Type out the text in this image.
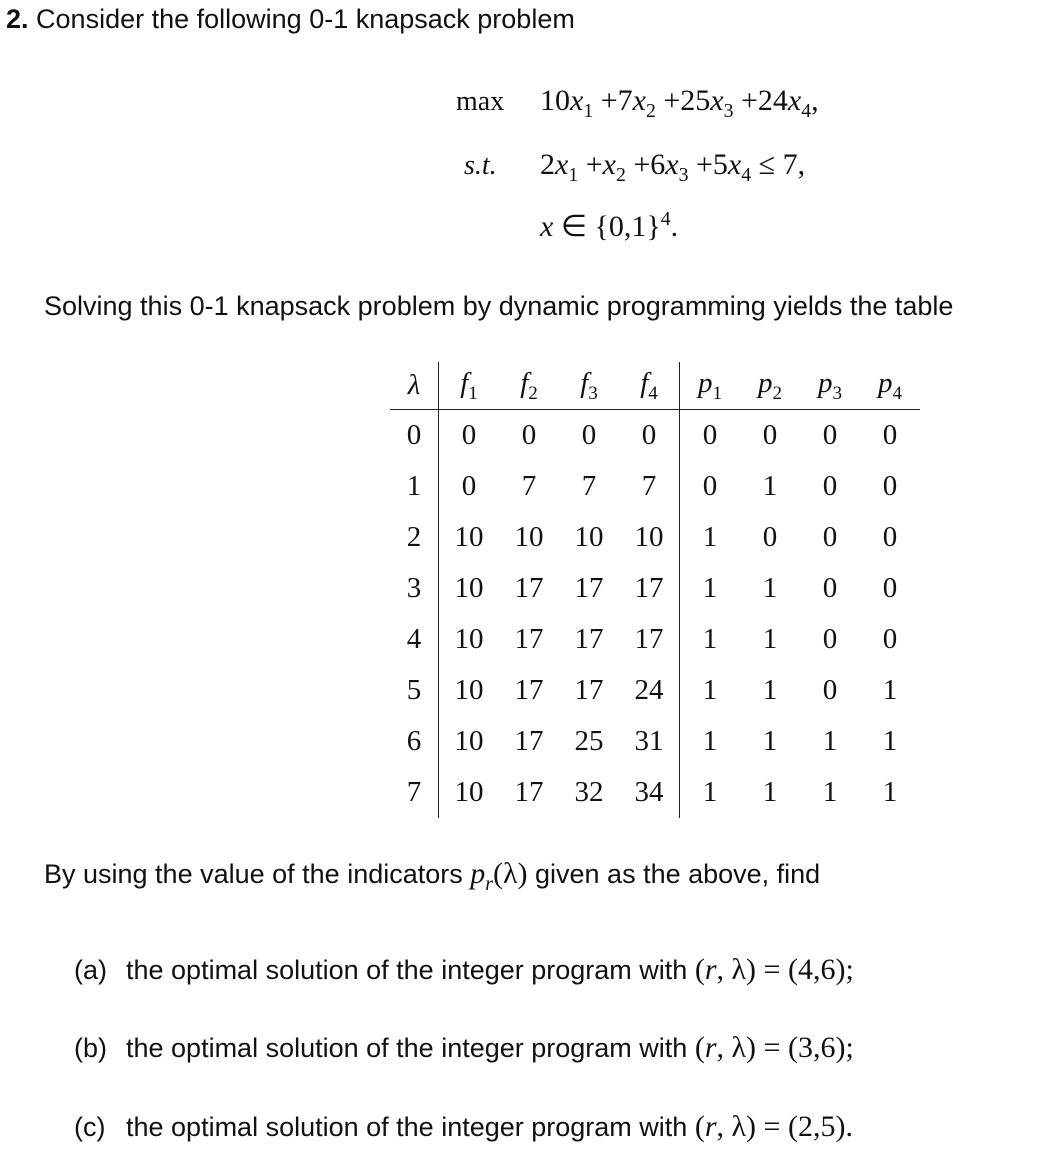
2. Consider the following 0-1 knapsack problem
max
s.t.
$10x_1 +7x_2 +25x_3 +24x_4$,
$2x_1 +x_2 +6x_3 +5x_4 \le 7$,
x ∈ $\{0,1\}^4$.
Solving this 0-1 knapsack problem by dynamic programming yields the table
λ	$f_1$	$f_2$	$f_3$	$f_4$	$p_1$	$p_2$	$p_3$	$p_4$
0	0	0	0	0	0	0	0	0
1	0	7	7	7	0	1	0	0
2	10	10	10	10	1	0	0	0
3	10	17	17	17	1	1	0	0
4	10	17	17	17	1	1	0	0
5	10	17	17	24	1	1	0	1
6	10	17	25	31	1	1	1	1
7	10	17	32	34	1	1	1	1
By using the value of the indicators $p_r(\lambda)$ given as the above, find
(a) the optimal solution of the integer program with (r, λ) = (4,6);
(b) the optimal solution of the integer program with (r, λ) = (3,6);
(c) the optimal solution of the integer program with (r, λ) = (2,5).
